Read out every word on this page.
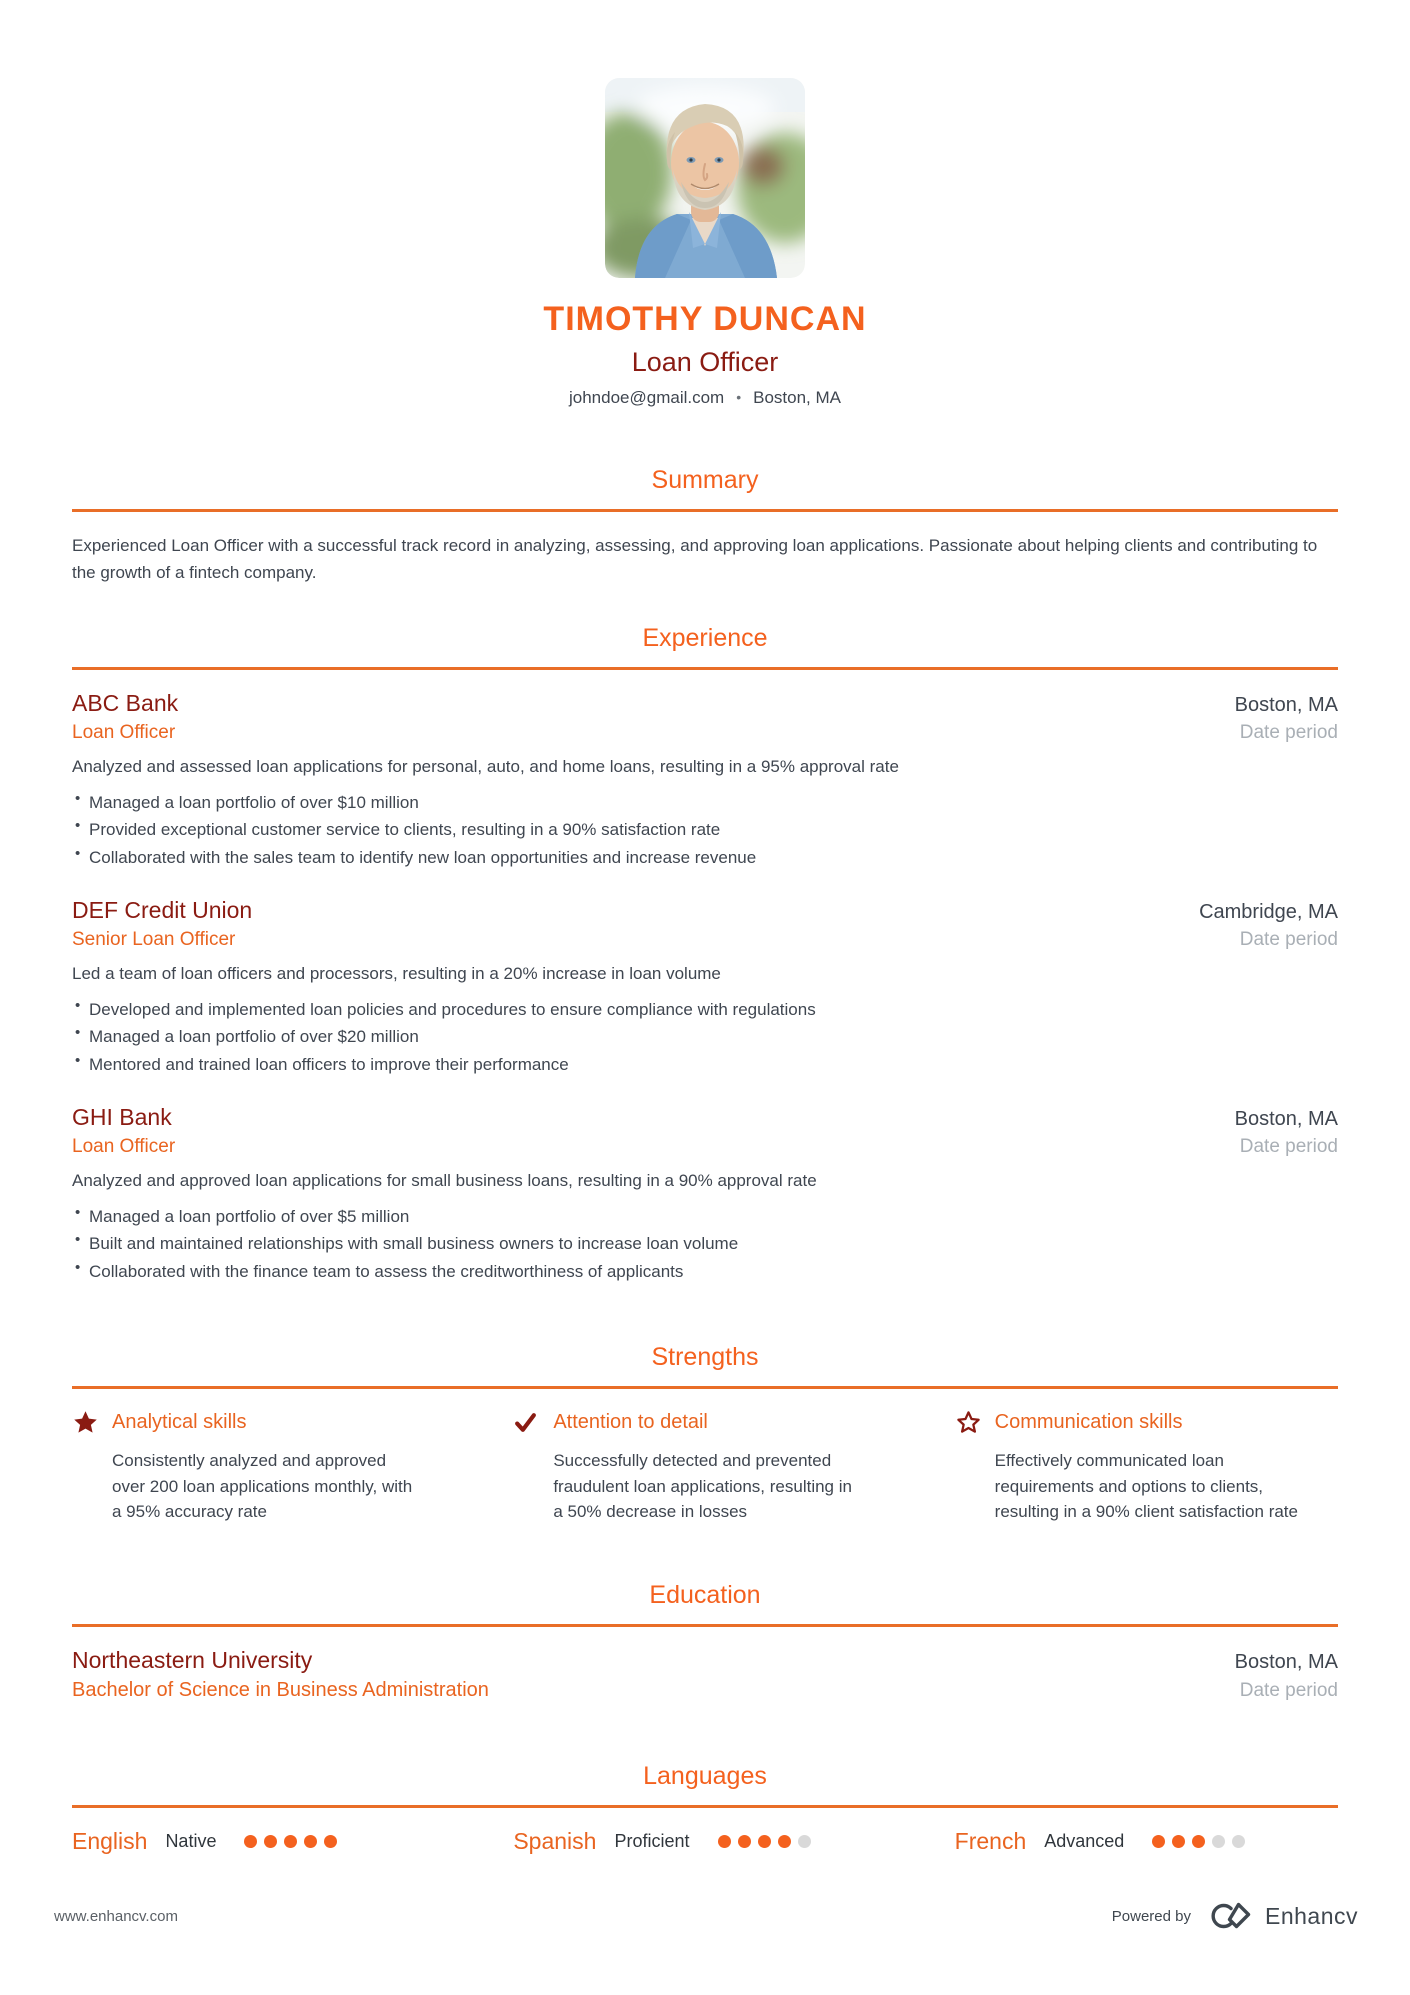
TIMOTHY DUNCAN
Loan Officer
johndoe@gmail.com • Boston, MA
Summary
Experienced Loan Officer with a successful track record in analyzing, assessing, and approving loan applications. Passionate about helping clients and contributing to the growth of a fintech company.
Experience
ABC Bank	Boston, MA
Loan Officer	Date period
Analyzed and assessed loan applications for personal, auto, and home loans, resulting in a 95% approval rate
• Managed a loan portfolio of over $10 million
• Provided exceptional customer service to clients, resulting in a 90% satisfaction rate
• Collaborated with the sales team to identify new loan opportunities and increase revenue
DEF Credit Union	Cambridge, MA
Senior Loan Officer	Date period
Led a team of loan officers and processors, resulting in a 20% increase in loan volume
• Developed and implemented loan policies and procedures to ensure compliance with regulations
• Managed a loan portfolio of over $20 million
• Mentored and trained loan officers to improve their performance
GHI Bank	Boston, MA
Loan Officer	Date period
Analyzed and approved loan applications for small business loans, resulting in a 90% approval rate
• Managed a loan portfolio of over $5 million
• Built and maintained relationships with small business owners to increase loan volume
• Collaborated with the finance team to assess the creditworthiness of applicants
Strengths
Analytical skills
Consistently analyzed and approved over 200 loan applications monthly, with a 95% accuracy rate
Attention to detail
Successfully detected and prevented fraudulent loan applications, resulting in a 50% decrease in losses
Communication skills
Effectively communicated loan requirements and options to clients, resulting in a 90% client satisfaction rate
Education
Northeastern University	Boston, MA
Bachelor of Science in Business Administration	Date period
Languages
English Native	Spanish Proficient	French Advanced
www.enhancv.com	Powered by	Enhancv
